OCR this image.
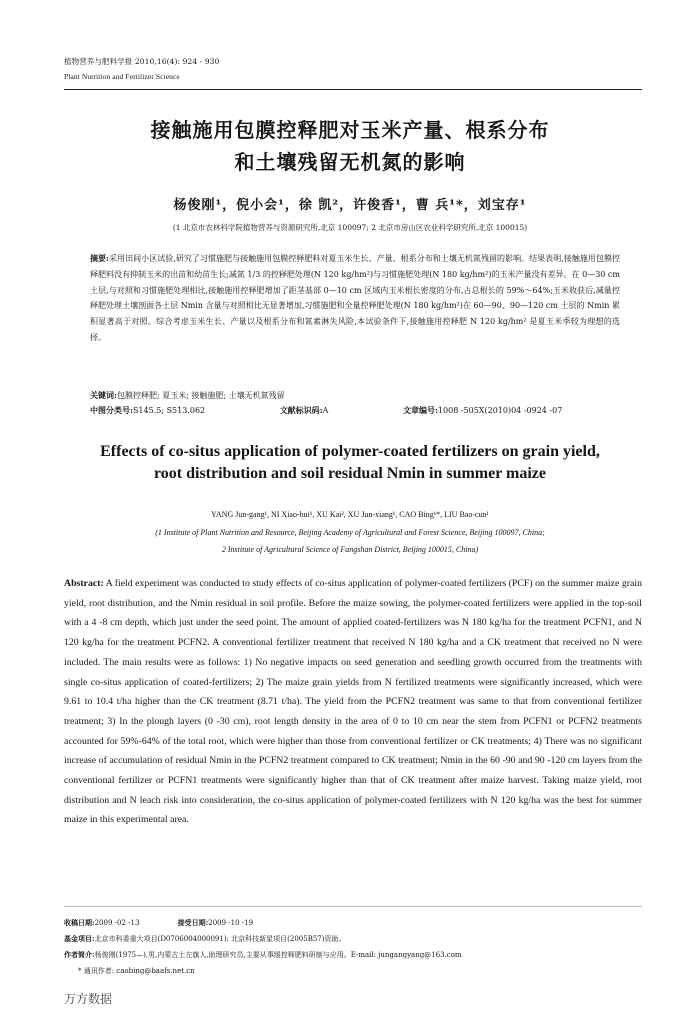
植物营养与肥料学报 2010,16(4): 924 - 930
Plant Nutrition and Fertilizer Science
接触施用包膜控释肥对玉米产量、根系分布
和土壤残留无机氮的影响
杨俊刚¹，倪小会¹，徐 凯²，许俊香¹，曹 兵¹*，刘宝存¹
(1 北京市农林科学院植物营养与资源研究所,北京 100097; 2 北京市房山区农业科学研究所,北京 100015)
摘要:采用田间小区试验,研究了习惯施肥与接触施用包膜控释肥料对夏玉米生长、产量、根系分布和土壤无机氮残留的影响。结果表明,接触施用包膜控释肥料没有抑制玉米的出苗和幼苗生长;减氮 1/3 的控释肥处理(N 120 kg/hm²)与习惯施肥处理(N 180 kg/hm²)的玉米产量没有差异。在 0—30 cm 土层,与对照和习惯施肥处理相比,接触施用控释肥增加了距茎基部 0—10 cm 区域内玉米根长密度的分布,占总根长的 59%～64%;玉米收获后,减量控释肥处理土壤剖面各土层 Nmin 含量与对照相比无显著增加,习惯施肥和全量控释肥处理(N 180 kg/hm²)在 60—90、90—120 cm 土层的 Nmin 累积显著高于对照。综合考虑玉米生长、产量以及根系分布和氮素淋失风险,本试验条件下,接触施用控释肥 N 120 kg/hm² 是夏玉米季较为理想的选择。
关键词:包膜控释肥; 夏玉米; 接触施肥; 土壤无机氮残留
中图分类号:S145.5; S513.062	文献标识码:A	文章编号:1008 -505X(2010)04 -0924 -07
Effects of co-situs application of polymer-coated fertilizers on grain yield,
root distribution and soil residual Nmin in summer maize
YANG Jun-gang¹, NI Xiao-hui¹, XU Kai², XU Jun-xiang¹, CAO Bing¹*, LIU Bao-cun¹
(1 Institute of Plant Nutrition and Resource, Beijing Academy of Agricultural and Forest Science, Beijing 100097, China;
2 Institute of Agricultural Science of Fangshan District, Beijing 100015, China)
Abstract: A field experiment was conducted to study effects of co-situs application of polymer-coated fertilizers (PCF) on the summer maize grain yield, root distribution, and the Nmin residual in soil profile. Before the maize sowing, the polymer-coated fertilizers were applied in the top-soil with a 4 -8 cm depth, which just under the seed point. The amount of applied coated-fertilizers was N 180 kg/ha for the treatment PCFN1, and N 120 kg/ha for the treatment PCFN2. A conventional fertilizer treatment that received N 180 kg/ha and a CK treatment that received no N were included. The main results were as follows: 1) No negative impacts on seed generation and seedling growth occurred from the treatments with single co-situs application of coated-fertilizers; 2) The maize grain yields from N fertilized treatments were significantly increased, which were 9.61 to 10.4 t/ha higher than the CK treatment (8.71 t/ha). The yield from the PCFN2 treatment was same to that from conventional fertilizer treatment; 3) In the plough layers (0 -30 cm), root length density in the area of 0 to 10 cm near the stem from PCFN1 or PCFN2 treatments accounted for 59%-64% of the total root, which were higher than those from conventional fertilizer or CK treatments; 4) There was no significant increase of accumulation of residual Nmin in the PCFN2 treatment compared to CK treatment; Nmin in the 60 -90 and 90 -120 cm layers from the conventional fertilizer or PCFN1 treatments were significantly higher than that of CK treatment after maize harvest. Taking maize yield, root distribution and N leach risk into consideration, the co-situs application of polymer-coated fertilizers with N 120 kg/ha was the best for summer maize in this experimental area.
收稿日期:2009 -02 -13	接受日期:2009 -10 -19
基金项目:北京市科委重大项目(D0706004000091); 北京科技新星项目(2005B57)资助。
作者简介:杨俊刚(1975—),男,内蒙古土左旗人,助理研究员,主要从事缓控释肥料研制与应用。E-mail: jungangyang@163.com
* 通讯作者: caobing@baafs.net.cn
万方数据
